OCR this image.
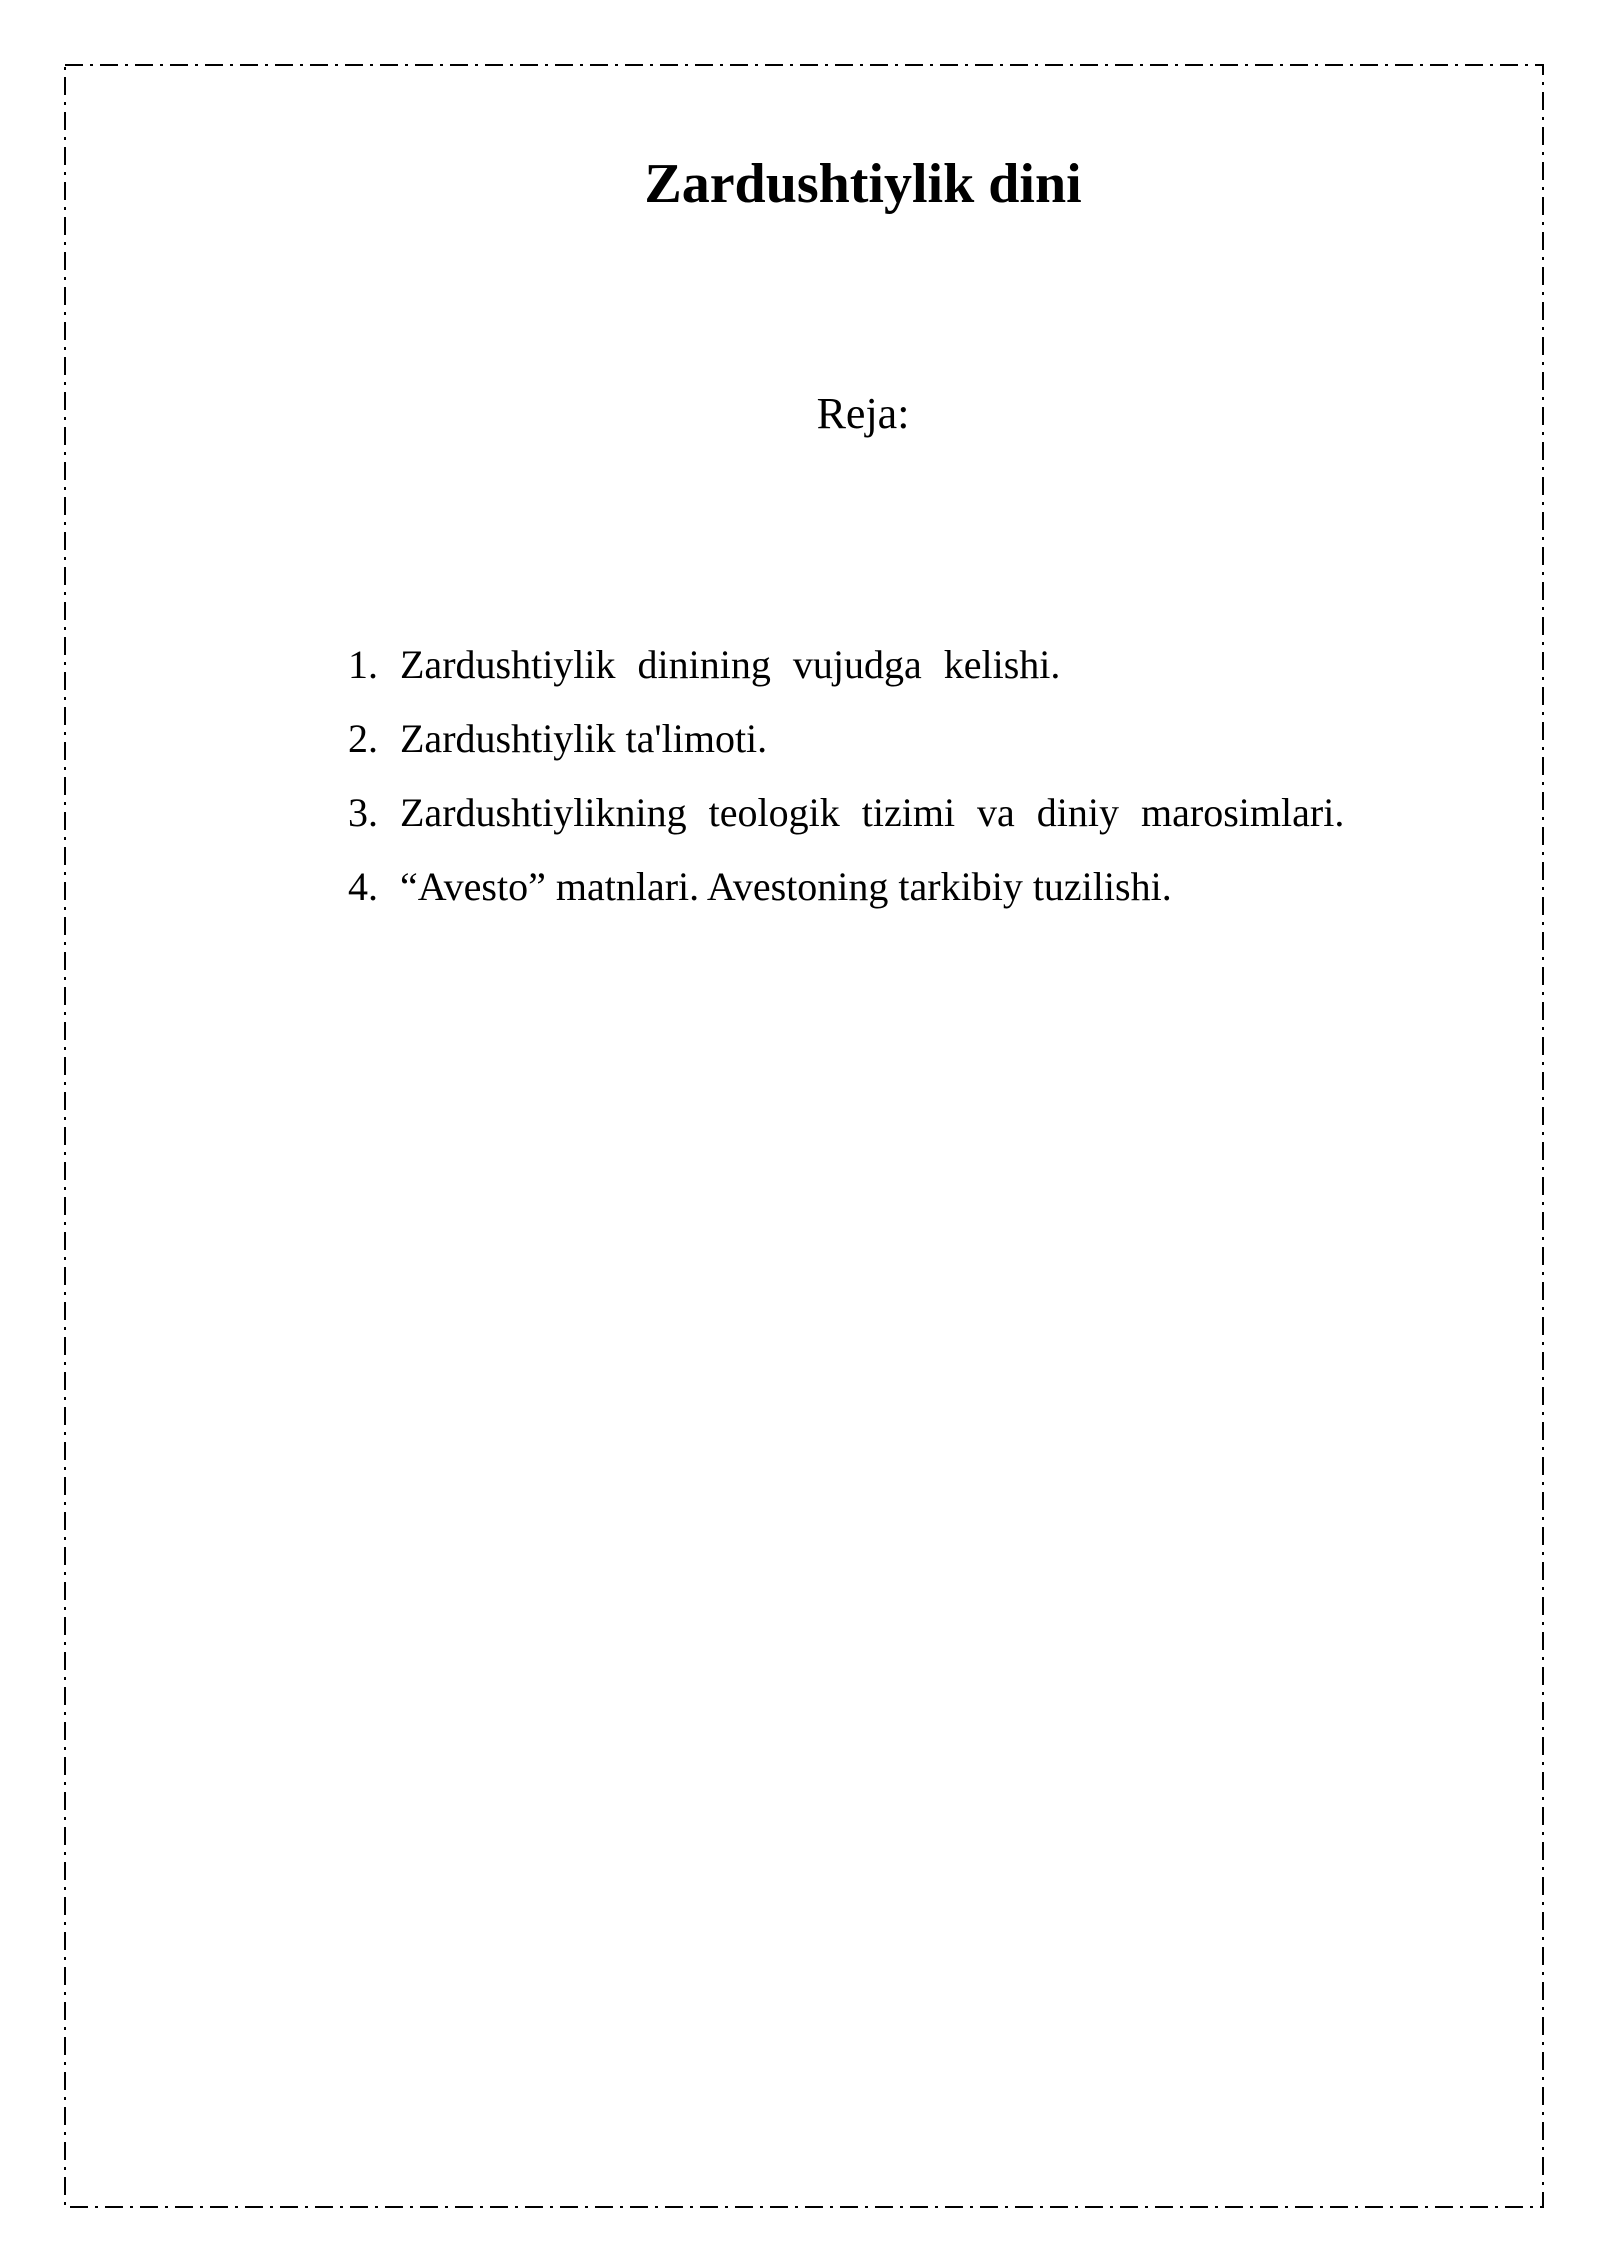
Zardushtiylik dini

Reja:

1. Zardushtiylik dinining vujudga kelishi.
2. Zardushtiylik ta'limoti.
3. Zardushtiylikning teologik tizimi va diniy marosimlari.
4. “Avesto” matnlari. Avestoning tarkibiy tuzilishi.
